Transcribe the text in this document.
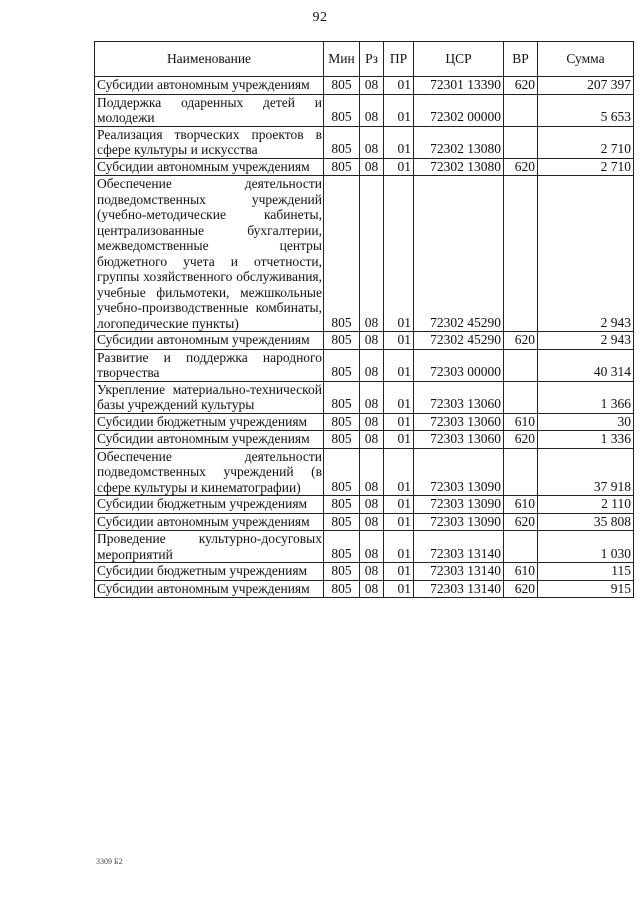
92
Наименование	Мин	Рз	ПР	ЦСР	ВР	Сумма
Субсидии автономным учреждениям	805	08	01	72301 13390	620	207 397
Поддержка одаренных детей и молодежи	805	08	01	72302 00000		5 653
Реализация творческих проектов в сфере культуры и искусства	805	08	01	72302 13080		2 710
Субсидии автономным учреждениям	805	08	01	72302 13080	620	2 710
Обеспечение деятельности подведомственных учреждений (учебно-методические кабинеты, централизованные бухгалтерии, межведомственные центры бюджетного учета и отчетности, группы хозяйственного обслуживания, учебные фильмотеки, межшкольные учебно-производственные комбинаты, логопедические пункты)	805	08	01	72302 45290		2 943
Субсидии автономным учреждениям	805	08	01	72302 45290	620	2 943
Развитие и поддержка народного творчества	805	08	01	72303 00000		40 314
Укрепление материально-технической базы учреждений культуры	805	08	01	72303 13060		1 366
Субсидии бюджетным учреждениям	805	08	01	72303 13060	610	30
Субсидии автономным учреждениям	805	08	01	72303 13060	620	1 336
Обеспечение деятельности подведомственных учреждений (в сфере культуры и кинематографии)	805	08	01	72303 13090		37 918
Субсидии бюджетным учреждениям	805	08	01	72303 13090	610	2 110
Субсидии автономным учреждениям	805	08	01	72303 13090	620	35 808
Проведение культурно-досуговых мероприятий	805	08	01	72303 13140		1 030
Субсидии бюджетным учреждениям	805	08	01	72303 13140	610	115
Субсидии автономным учреждениям	805	08	01	72303 13140	620	915
3309 Б2
